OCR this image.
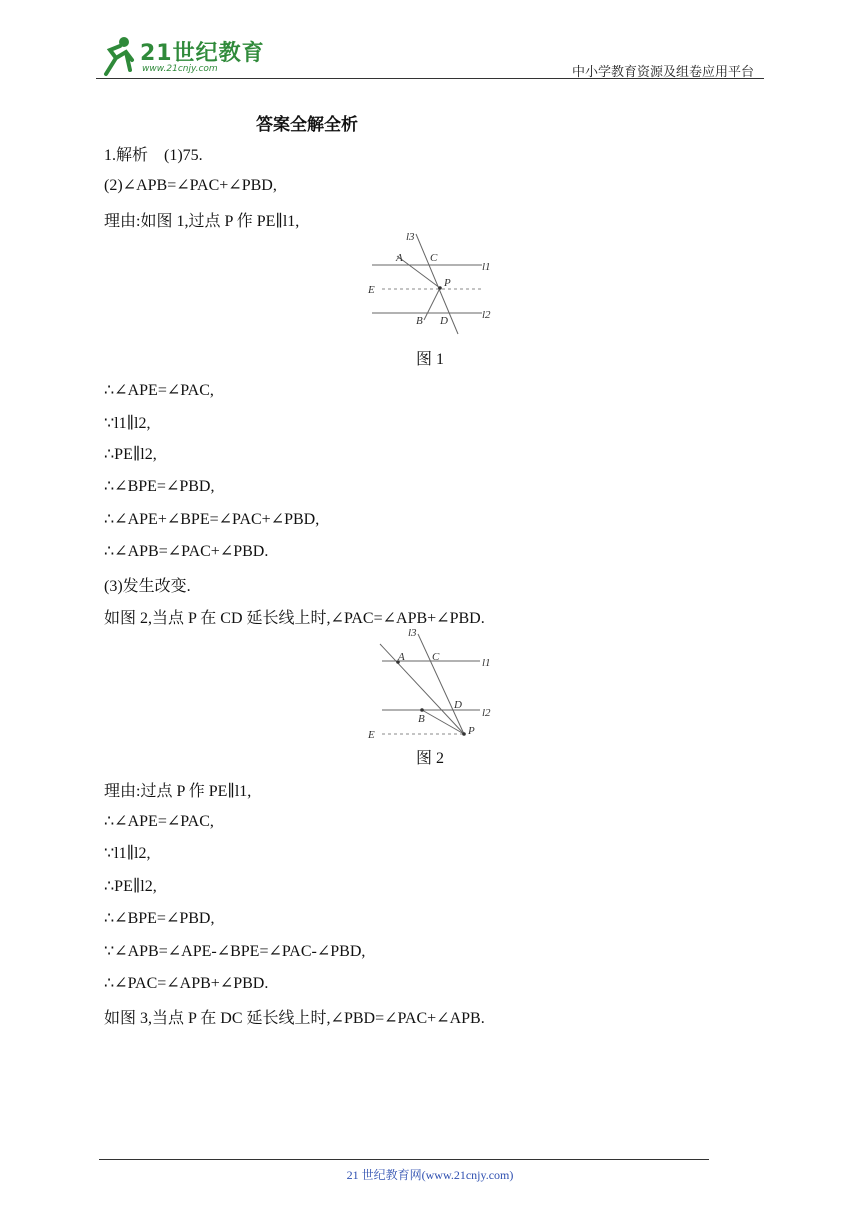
21世纪教育
www.21cnjy.com	中小学教育资源及组卷应用平台
答案全解全析
1.解析　(1)75.
(2)∠APB=∠PAC+∠PBD,
理由:如图 1,过点 P 作 PE∥l1,
l3
A C
P
l1
E
B D	l2
图 1
∴∠APE=∠PAC,
∵l1∥l2,
∴PE∥l2,
∴∠BPE=∠PBD,
∴∠APE+∠BPE=∠PAC+∠PBD,
∴∠APB=∠PAC+∠PBD.
(3)发生改变.
如图 2,当点 P 在 CD 延长线上时,∠PAC=∠APB+∠PBD.
l3
A C	l1
D
B	l2
E	P
图 2
理由:过点 P 作 PE∥l1,
∴∠APE=∠PAC,
∵l1∥l2,
∴PE∥l2,
∴∠BPE=∠PBD,
∵∠APB=∠APE-∠BPE=∠PAC-∠PBD,
∴∠PAC=∠APB+∠PBD.
如图 3,当点 P 在 DC 延长线上时,∠PBD=∠PAC+∠APB.
21 世纪教育网(www.21cnjy.com)
